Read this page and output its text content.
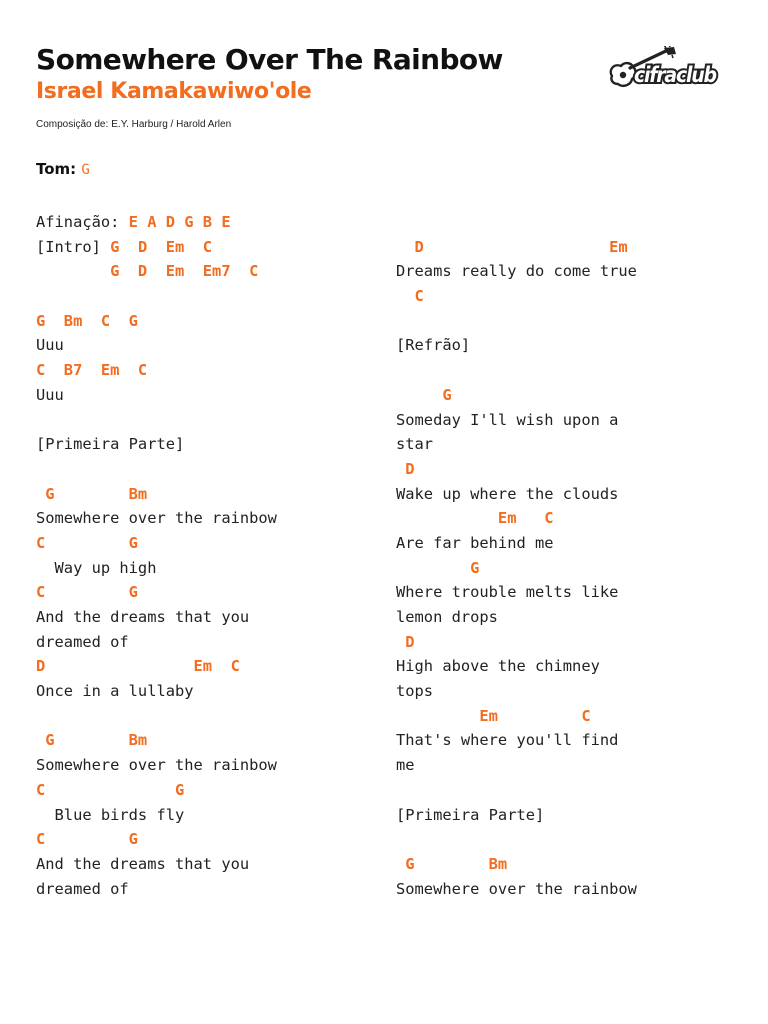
Somewhere Over The Rainbow
Israel Kamakawiwo'ole
Composição de: E.Y. Harburg / Harold Arlen
cifraclub
Tom: G
Afinação: E A D G B E
[Intro] G  D  Em  C
G  D  Em  Em7  C
G  Bm  C  G
Uuu
C  B7  Em  C
Uuu
[Primeira Parte]
G        Bm
Somewhere over the rainbow
C         G
Way up high
C         G
And the dreams that you
dreamed of
D                Em  C
Once in a lullaby
G        Bm
Somewhere over the rainbow
C              G
Blue birds fly
C         G
And the dreams that you
dreamed of
D                    Em
Dreams really do come true
C
[Refrão]
G
Someday I'll wish upon a
star
D
Wake up where the clouds
Em   C
Are far behind me
G
Where trouble melts like
lemon drops
D
High above the chimney
tops
Em         C
That's where you'll find
me
[Primeira Parte]
G        Bm
Somewhere over the rainbow
